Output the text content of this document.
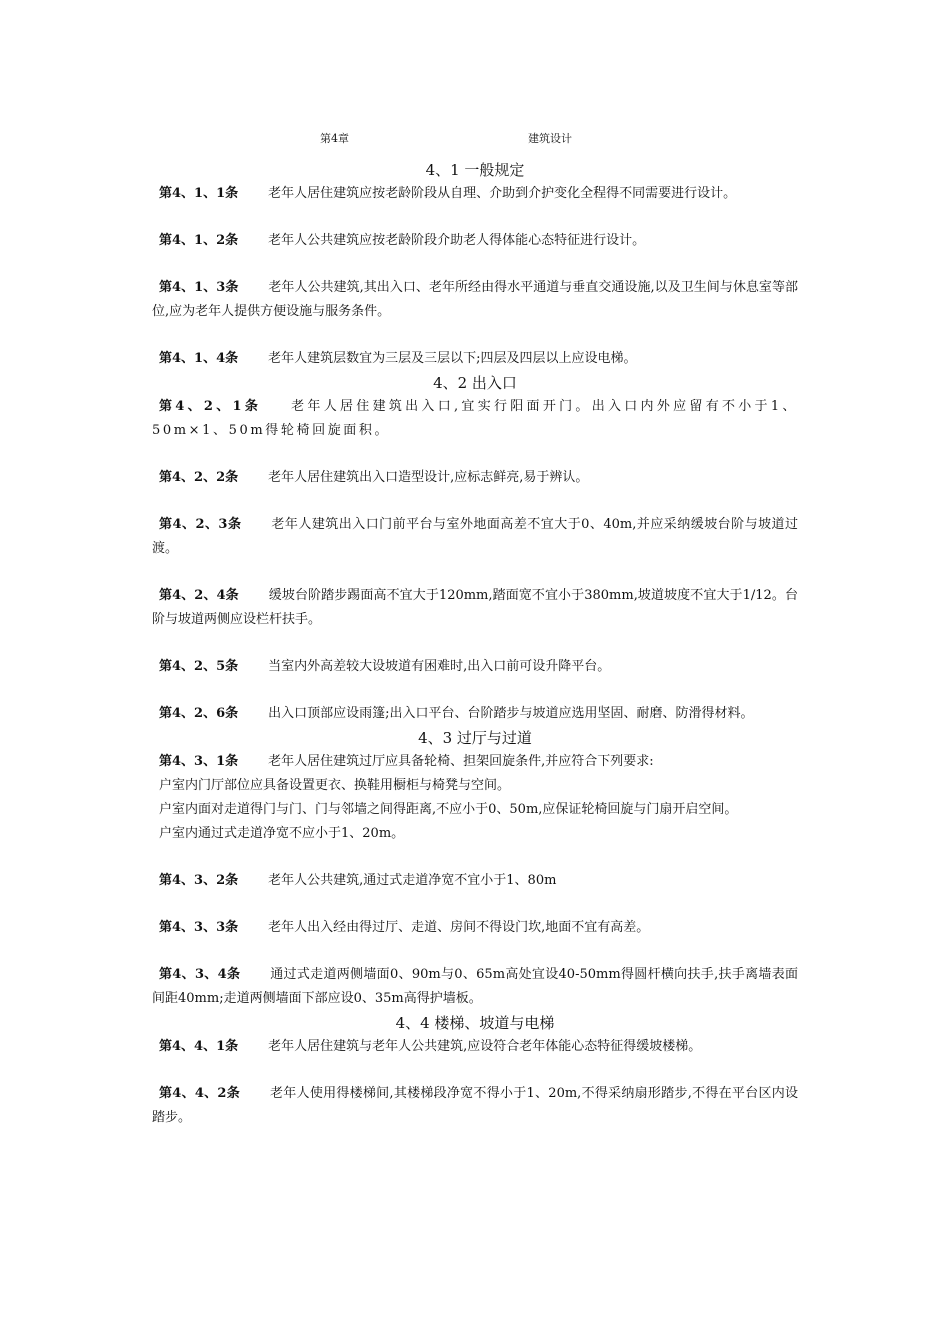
第4章	建筑设计
4、1 一般规定

第4、1、1条 老年人居住建筑应按老龄阶段从自理、介助到介护变化全程得不同需要进行设计。

第4、1、2条 老年人公共建筑应按老龄阶段介助老人得体能心态特征进行设计。

第4、1、3条 老年人公共建筑,其出入口、老年所经由得水平通道与垂直交通设施,以及卫生间与休息室等部位,应为老年人提供方便设施与服务条件。

第4、1、4条 老年人建筑层数宜为三层及三层以下;四层及四层以上应设电梯。

4、2 出入口

第4、2、1条 老年人居住建筑出入口,宜实行阳面开门。出入口内外应留有不小于1、50m×1、50m得轮椅回旋面积。

第4、2、2条 老年人居住建筑出入口造型设计,应标志鲜亮,易于辨认。

第4、2、3条 老年人建筑出入口门前平台与室外地面高差不宜大于0、40m,并应采纳缓坡台阶与坡道过渡。

第4、2、4条 缓坡台阶踏步踢面高不宜大于120mm,踏面宽不宜小于380mm,坡道坡度不宜大于1/12。台阶与坡道两侧应设栏杆扶手。

第4、2、5条 当室内外高差较大设坡道有困难时,出入口前可设升降平台。

第4、2、6条 出入口顶部应设雨篷;出入口平台、台阶踏步与坡道应选用坚固、耐磨、防滑得材料。

4、3 过厅与过道

第4、3、1条 老年人居住建筑过厅应具备轮椅、担架回旋条件,并应符合下列要求:

户室内门厅部位应具备设置更衣、换鞋用橱柜与椅凳与空间。
户室内面对走道得门与门、门与邻墙之间得距离,不应小于0、50m,应保证轮椅回旋与门扇开启空间。
户室内通过式走道净宽不应小于1、20m。

第4、3、2条 老年人公共建筑,通过式走道净宽不宜小于1、80m

第4、3、3条 老年人出入经由得过厅、走道、房间不得设门坎,地面不宜有高差。

第4、3、4条 通过式走道两侧墙面0、90m与0、65m高处宜设40-50mm得圆杆横向扶手,扶手离墙表面间距40mm;走道两侧墙面下部应设0、35m高得护墙板。

4、4 楼梯、坡道与电梯

第4、4、1条 老年人居住建筑与老年人公共建筑,应设符合老年体能心态特征得缓坡楼梯。

第4、4、2条 老年人使用得楼梯间,其楼梯段净宽不得小于1、20m,不得采纳扇形踏步,不得在平台区内设踏步。
